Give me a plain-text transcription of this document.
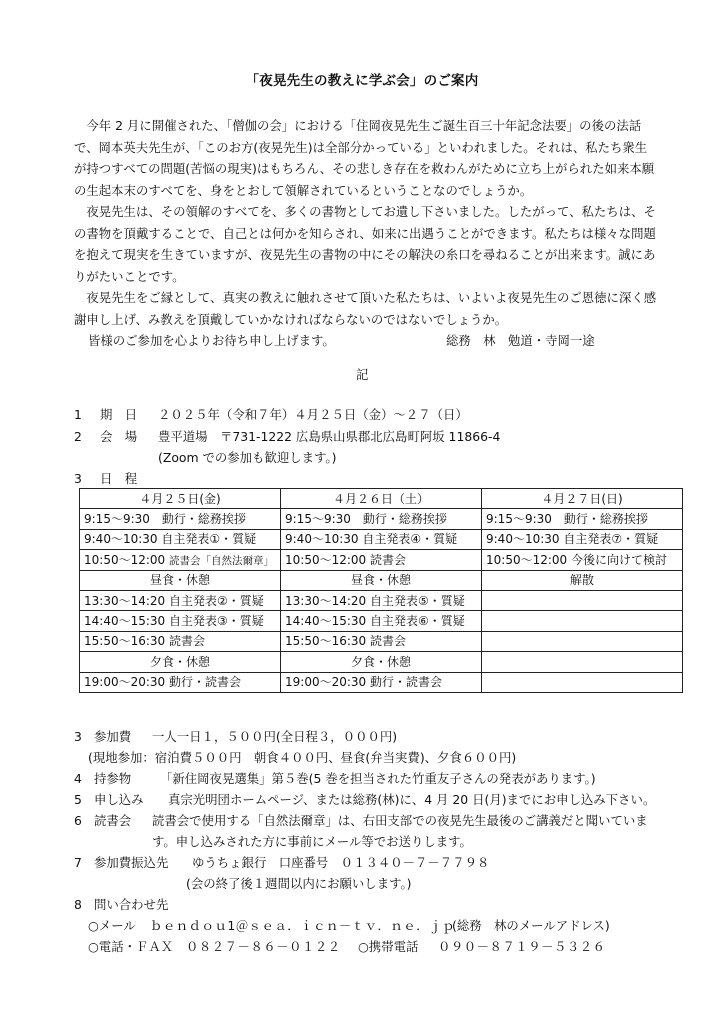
「夜晃先生の教えに学ぶ会」のご案内
　今年 2 月に開催された、「僧伽の会」における「住岡夜晃先生ご誕生百三十年記念法要」の後の法話
で、岡本英夫先生が、「このお方(夜晃先生)は全部分かっている」といわれました。それは、私たち衆生
が持つすべての問題(苦悩の現実)はもちろん、その悲しき存在を救わんがために立ち上がられた如来本願
の生起本末のすべてを、身をとおして領解されているということなのでしょうか。
　夜晃先生は、その領解のすべてを、多くの書物としてお遺し下さいました。したがって、私たちは、そ
の書物を頂戴することで、自己とは何かを知らされ、如来に出遇うことができます。私たちは様々な問題
を抱えて現実を生きていますが、夜晃先生の書物の中にその解決の糸口を尋ねることが出来ます。誠にあ
りがたいことです。
　夜晃先生をご縁として、真実の教えに触れさせて頂いた私たちは、いよいよ夜晃先生のご恩徳に深く感
謝申し上げ、み教えを頂戴していかなければならないのではないでしょうか。
皆様のご参加を心よりお待ち申し上げます。	総務　林　勉道・寺岡一途
記
1 期　日 ２０２５年（令和７年）４月２５日（金）～２７（日）
2 会　場 豊平道場　〒731-1222 広島県山県郡北広島町阿坂 11866-4
(Zoom での参加も歓迎します。)
3 日　程
４月２５日(金)	４月２６日（土）	４月２７日(日)
9:15～9:30　動行・総務挨拶	9:15～9:30　動行・総務挨拶	9:15～9:30　動行・総務挨拶
9:40～10:30 自主発表①・質疑	9:40～10:30 自主発表④・質疑	9:40～10:30 自主発表⑦・質疑
10:50～12:00 読書会「自然法爾章」	10:50～12:00 読書会	10:50～12:00 今後に向けて検討
昼食・休憩	昼食・休憩	解散
13:30～14:20 自主発表②・質疑	13:30～14:20 自主発表⑤・質疑	
14:40～15:30 自主発表③・質疑	14:40～15:30 自主発表⑥・質疑	
15:50～16:30 読書会	15:50～16:30 読書会	
夕食・休憩	夕食・休憩	
19:00～20:30 動行・読書会	19:00～20:30 動行・読書会	
3 参加費 一人一日１，５００円(全日程３，０００円)
(現地参加：宿泊費５００円　朝食４００円、昼食(弁当実費)、夕食６００円)
4 持参物 「新住岡夜晃選集」第５巻(5 巻を担当された竹重友子さんの発表があります。)
5 申し込み 真宗光明団ホームページ、または総務(林)に、4 月 20 日(月)までにお申し込み下さい。
6 読書会 読書会で使用する「自然法爾章」は、右田支部での夜晃先生最後のご講義だと聞いていま
す。申し込みされた方に事前にメール等でお送りします。
7 参加費振込先 ゆうちょ銀行　口座番号　０１３４０－７－７７９８
(会の終了後１週間以内にお願いします。)
8 問い合わせ先
○メール ｂｅｎｄｏｕ1＠ｓｅａ．ｉｃｎ－ｔｖ．ｎｅ．ｊｐ
(総務　林のメールアドレス)
○電話・ＦＡＸ ０８２７－８６－０１２２ ○携帯電話 ０９０－８７１９－５３２６
